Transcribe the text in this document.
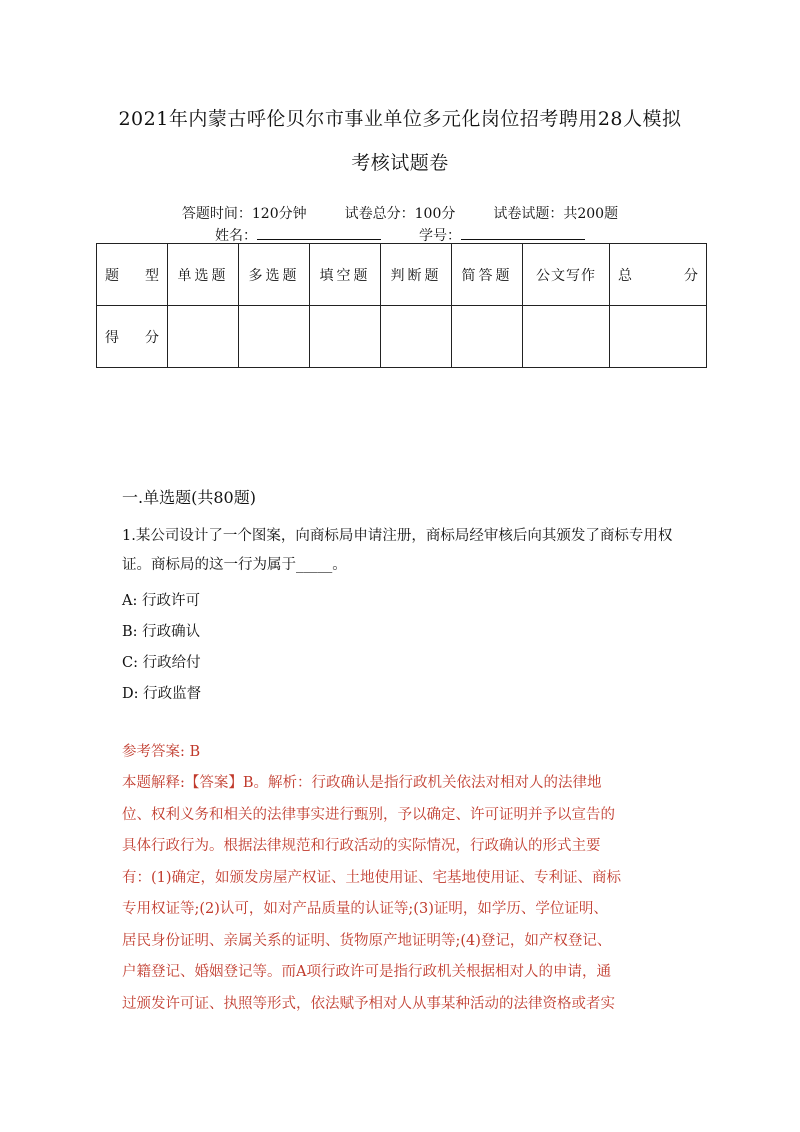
2021年内蒙古呼伦贝尔市事业单位多元化岗位招考聘用28人模拟
考核试题卷
答题时间：120分钟	试卷总分：100分	试卷试题：共200题
姓名：	学号：
题　型	单选题	多选题	填空题	判断题	简答题	公文写作	总　　分
得　分							
一.单选题(共80题)
1.某公司设计了一个图案，向商标局申请注册，商标局经审核后向其颁发了商标专用权证。商标局的这一行为属于_____。
A: 行政许可
B: 行政确认
C: 行政给付
D: 行政监督
参考答案: B
本题解释:【答案】B。解析：行政确认是指行政机关依法对相对人的法律地
位、权利义务和相关的法律事实进行甄别，予以确定、许可证明并予以宣告的
具体行政行为。根据法律规范和行政活动的实际情况，行政确认的形式主要
有：(1)确定，如颁发房屋产权证、土地使用证、宅基地使用证、专利证、商标
专用权证等;(2)认可，如对产品质量的认证等;(3)证明，如学历、学位证明、
居民身份证明、亲属关系的证明、货物原产地证明等;(4)登记，如产权登记、
户籍登记、婚姻登记等。而A项行政许可是指行政机关根据相对人的申请，通
过颁发许可证、执照等形式，依法赋予相对人从事某种活动的法律资格或者实
